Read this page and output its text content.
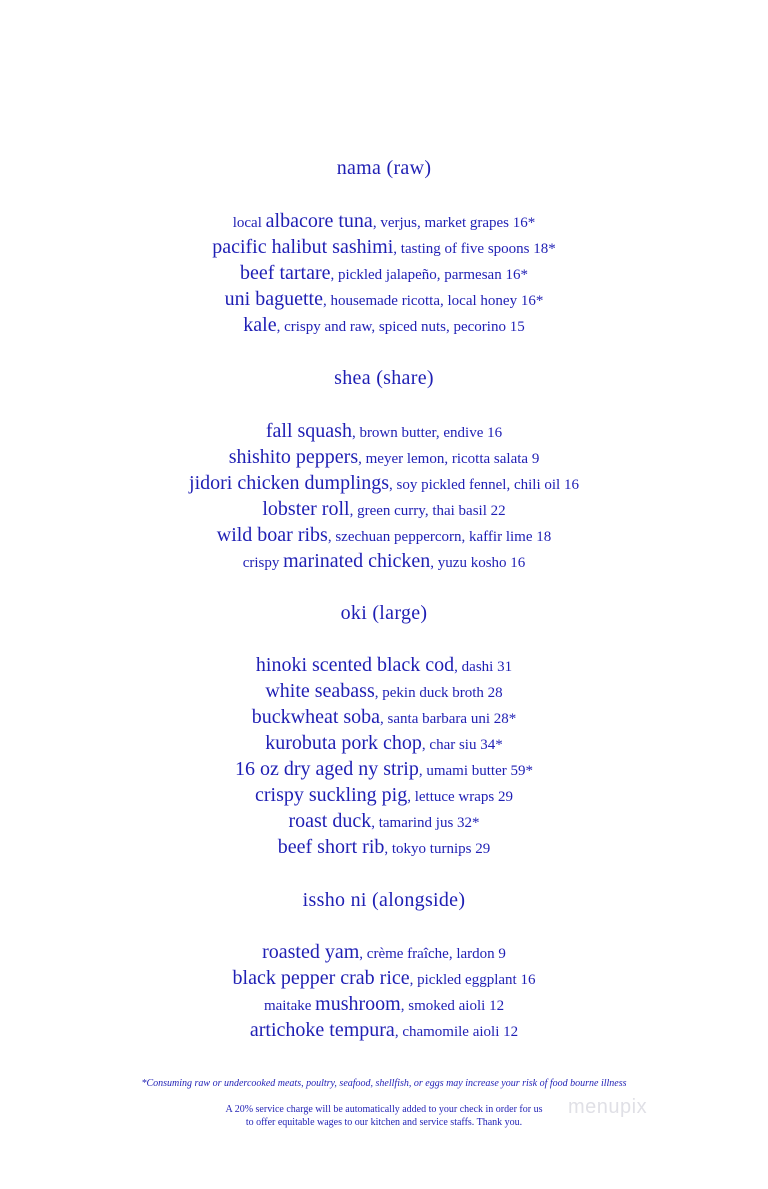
nama (raw)
local albacore tuna, verjus, market grapes 16*
pacific halibut sashimi, tasting of five spoons 18*
beef tartare, pickled jalapeño, parmesan 16*
uni baguette, housemade ricotta, local honey 16*
kale, crispy and raw, spiced nuts, pecorino 15
shea (share)
fall squash, brown butter, endive 16
shishito peppers, meyer lemon, ricotta salata 9
jidori chicken dumplings, soy pickled fennel, chili oil 16
lobster roll, green curry, thai basil 22
wild boar ribs, szechuan peppercorn, kaffir lime 18
crispy marinated chicken, yuzu kosho 16
oki (large)
hinoki scented black cod, dashi 31
white seabass, pekin duck broth 28
buckwheat soba, santa barbara uni 28*
kurobuta pork chop, char siu 34*
16 oz dry aged ny strip, umami butter 59*
crispy suckling pig, lettuce wraps 29
roast duck, tamarind jus 32*
beef short rib, tokyo turnips 29
issho ni (alongside)
roasted yam, crème fraîche, lardon 9
black pepper crab rice, pickled eggplant 16
maitake mushroom, smoked aioli 12
artichoke tempura, chamomile aioli 12
*Consuming raw or undercooked meats, poultry, seafood, shellfish, or eggs may increase your risk of food bourne illness
A 20% service charge will be automatically added to your check in order for us
to offer equitable wages to our kitchen and service staffs. Thank you.
menupix
